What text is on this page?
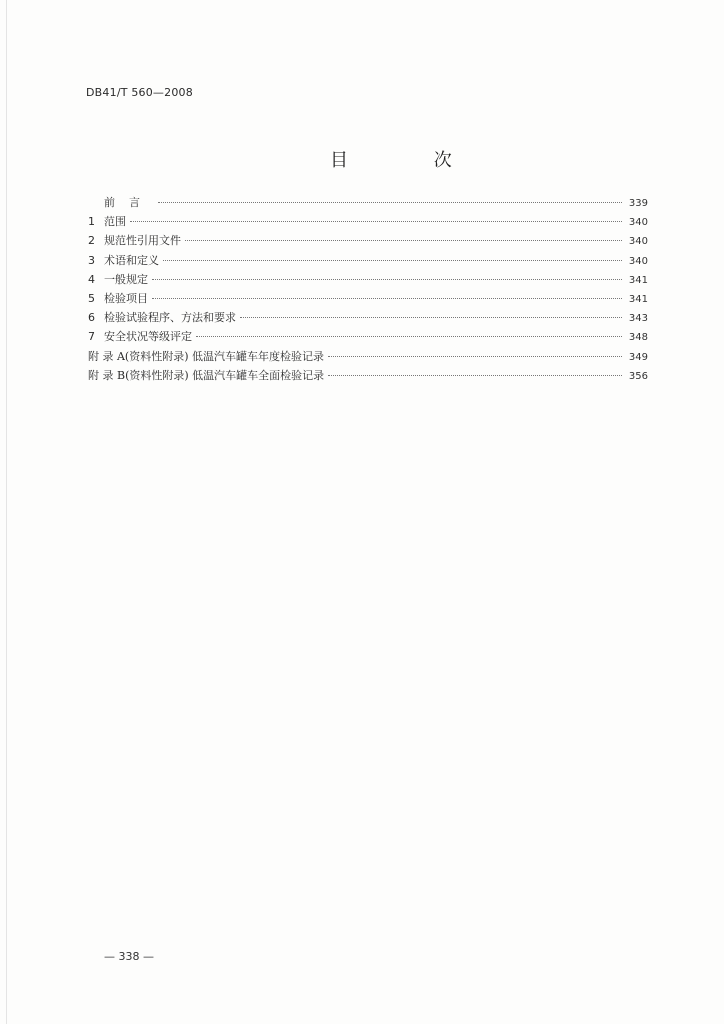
DB41/T 560—2008
目 次
前言	339
1 范围	340
2 规范性引用文件	340
3 术语和定义	340
4 一般规定	341
5 检验项目	341
6 检验试验程序、方法和要求	343
7 安全状况等级评定	348
附 录 A(资料性附录) 低温汽车罐车年度检验记录	349
附 录 B(资料性附录) 低温汽车罐车全面检验记录	356
— 338 —
